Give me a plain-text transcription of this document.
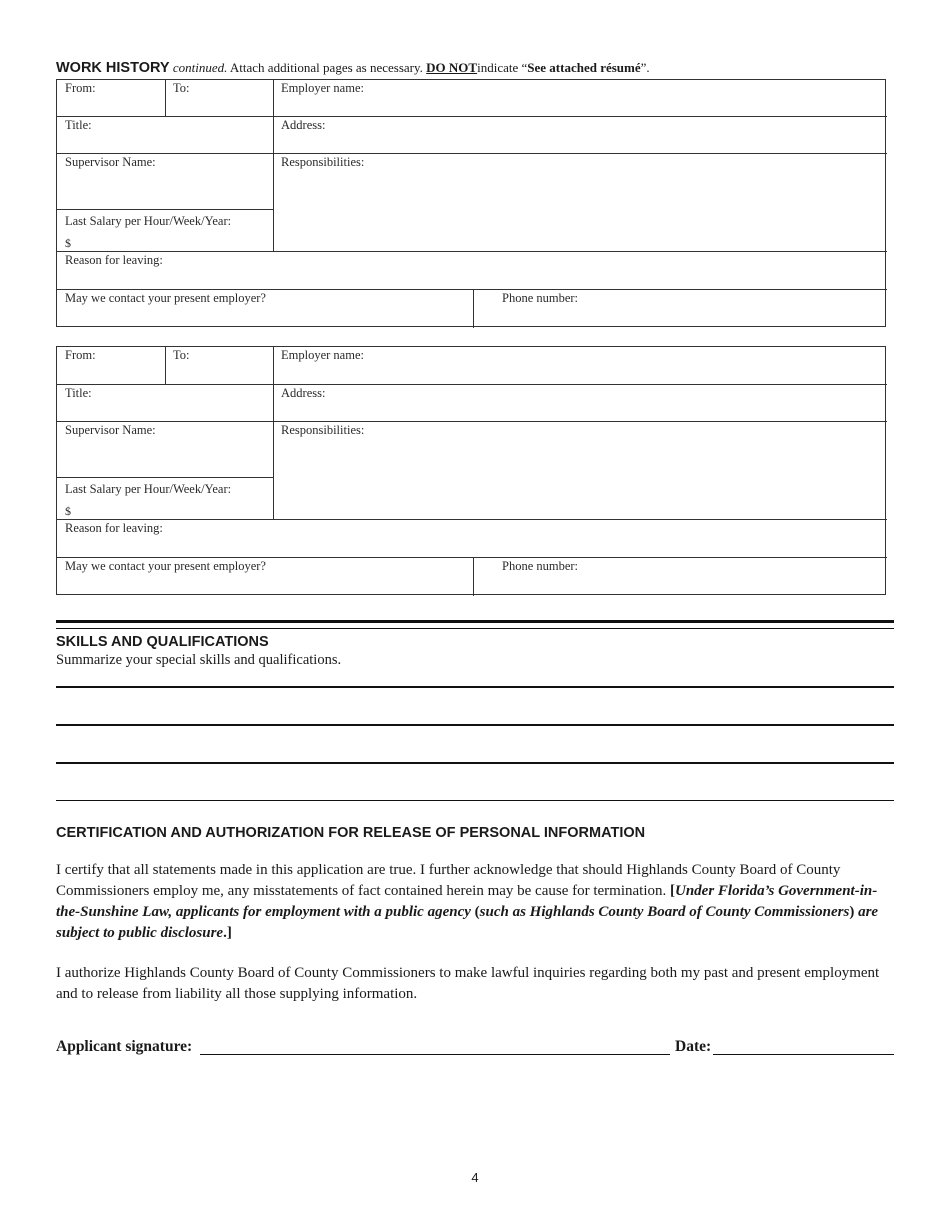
WORK HISTORY continued. Attach additional pages as necessary. DO NOTindicate “See attached résumé”.
From:	To:	Employer name:
Title:	Address:
Supervisor Name:	Responsibilities:
Last Salary per Hour/Week/Year:
$
Reason for leaving:
May we contact your present employer?	Phone number:
From:	To:	Employer name:
Title:	Address:
Supervisor Name:	Responsibilities:
Last Salary per Hour/Week/Year:
$
Reason for leaving:
May we contact your present employer?	Phone number:
SKILLS AND QUALIFICATIONS
Summarize your special skills and qualifications.
CERTIFICATION AND AUTHORIZATION FOR RELEASE OF PERSONAL INFORMATION
I certify that all statements made in this application are true. I further acknowledge that should Highlands County Board of County Commissioners employ me, any misstatements of fact contained herein may be cause for termination. [Under Florida’s Government-in-the-Sunshine Law, applicants for employment with a public agency (such as Highlands County Board of County Commissioners) are subject to public disclosure.]
I authorize Highlands County Board of County Commissioners to make lawful inquiries regarding both my past and present employment and to release from liability all those supplying information.
Applicant signature:	Date:
4
